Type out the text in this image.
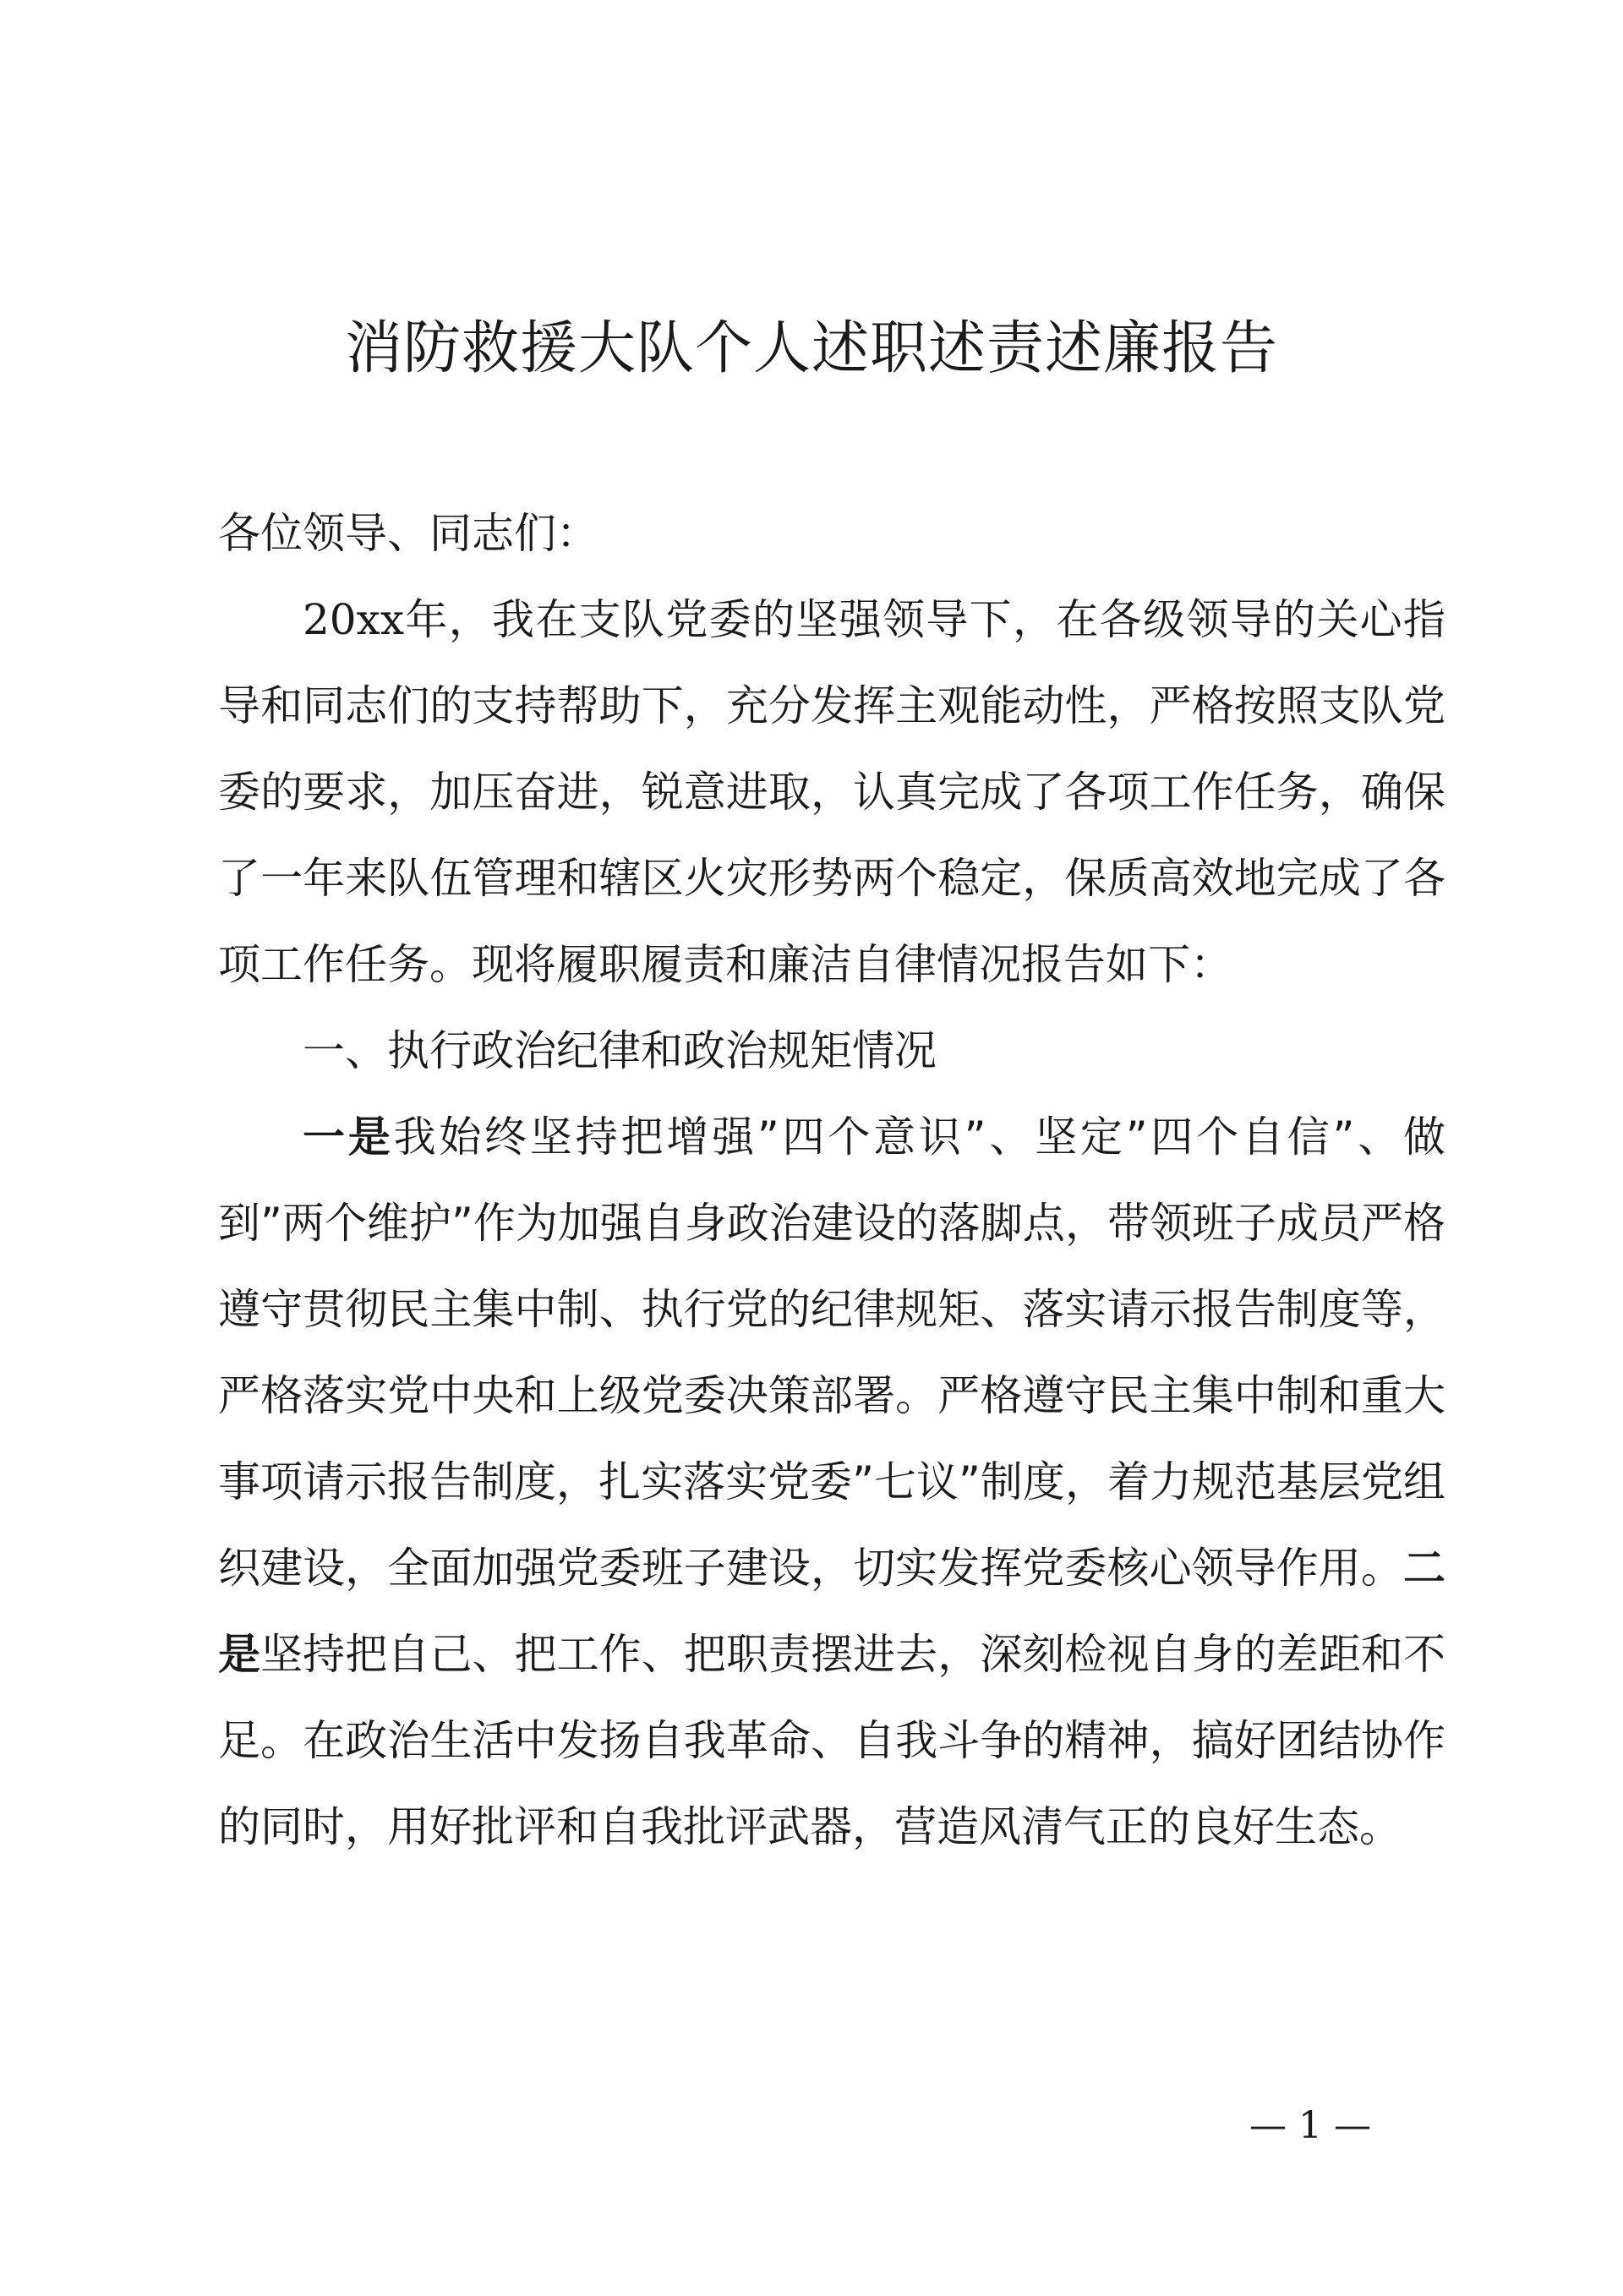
消防救援大队个人述职述责述廉报告

各位领导、同志们：

20xx年，我在支队党委的坚强领导下，在各级领导的关心指导和同志们的支持帮助下，充分发挥主观能动性，严格按照支队党委的要求，加压奋进，锐意进取，认真完成了各项工作任务，确保了一年来队伍管理和辖区火灾形势两个稳定，保质高效地完成了各项工作任务。现将履职履责和廉洁自律情况报告如下：

一、执行政治纪律和政治规矩情况

一是我始终坚持把增强”四个意识”、坚定”四个自信”、做到”两个维护”作为加强自身政治建设的落脚点，带领班子成员严格遵守贯彻民主集中制、执行党的纪律规矩、落实请示报告制度等，严格落实党中央和上级党委决策部署。严格遵守民主集中制和重大事项请示报告制度，扎实落实党委”七议”制度，着力规范基层党组织建设，全面加强党委班子建设，切实发挥党委核心领导作用。二是坚持把自己、把工作、把职责摆进去，深刻检视自身的差距和不足。在政治生活中发扬自我革命、自我斗争的精神，搞好团结协作的同时，用好批评和自我批评武器，营造风清气正的良好生态。

— 1 —
